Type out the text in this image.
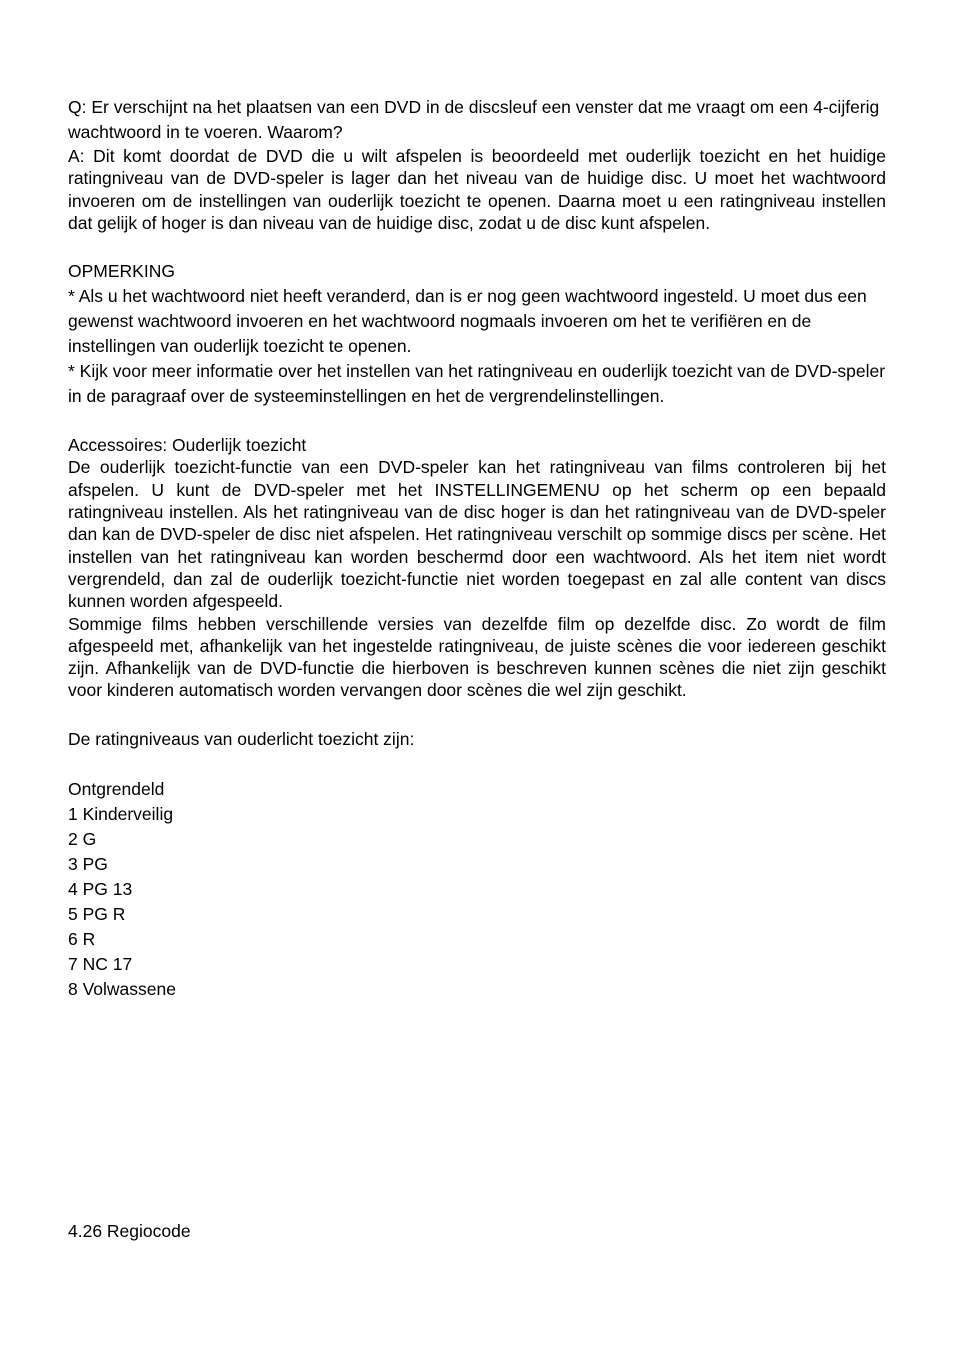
Q: Er verschijnt na het plaatsen van een DVD in de discsleuf een venster dat me vraagt om een 4-cijferig wachtwoord in te voeren. Waarom?

A: Dit komt doordat de DVD die u wilt afspelen is beoordeeld met ouderlijk toezicht en het huidige ratingniveau van de DVD-speler is lager dan het niveau van de huidige disc. U moet het wachtwoord invoeren om de instellingen van ouderlijk toezicht te openen. Daarna moet u een ratingniveau instellen dat gelijk of hoger is dan niveau van de huidige disc, zodat u de disc kunt afspelen.

OPMERKING

* Als u het wachtwoord niet heeft veranderd, dan is er nog geen wachtwoord ingesteld. U moet dus een gewenst wachtwoord invoeren en het wachtwoord nogmaals invoeren om het te verifiëren en de instellingen van ouderlijk toezicht te openen.

* Kijk voor meer informatie over het instellen van het ratingniveau en ouderlijk toezicht van de DVD-speler in de paragraaf over de systeeminstellingen en het de vergrendelinstellingen.

Accessoires: Ouderlijk toezicht

De ouderlijk toezicht-functie van een DVD-speler kan het ratingniveau van films controleren bij het afspelen. U kunt de DVD-speler met het INSTELLINGEMENU op het scherm op een bepaald ratingniveau instellen. Als het ratingniveau van de disc hoger is dan het ratingniveau van de DVD-speler dan kan de DVD-speler de disc niet afspelen. Het ratingniveau verschilt op sommige discs per scène. Het instellen van het ratingniveau kan worden beschermd door een wachtwoord. Als het item niet wordt vergrendeld, dan zal de ouderlijk toezicht-functie niet worden toegepast en zal alle content van discs kunnen worden afgespeeld.

Sommige films hebben verschillende versies van dezelfde film op dezelfde disc. Zo wordt de film afgespeeld met, afhankelijk van het ingestelde ratingniveau, de juiste scènes die voor iedereen geschikt zijn. Afhankelijk van de DVD-functie die hierboven is beschreven kunnen scènes die niet zijn geschikt voor kinderen automatisch worden vervangen door scènes die wel zijn geschikt.

De ratingniveaus van ouderlicht toezicht zijn:

Ontgrendeld
1 Kinderveilig
2 G
3 PG
4 PG 13
5 PG R
6 R
7 NC 17
8 Volwassene
4.26 Regiocode
